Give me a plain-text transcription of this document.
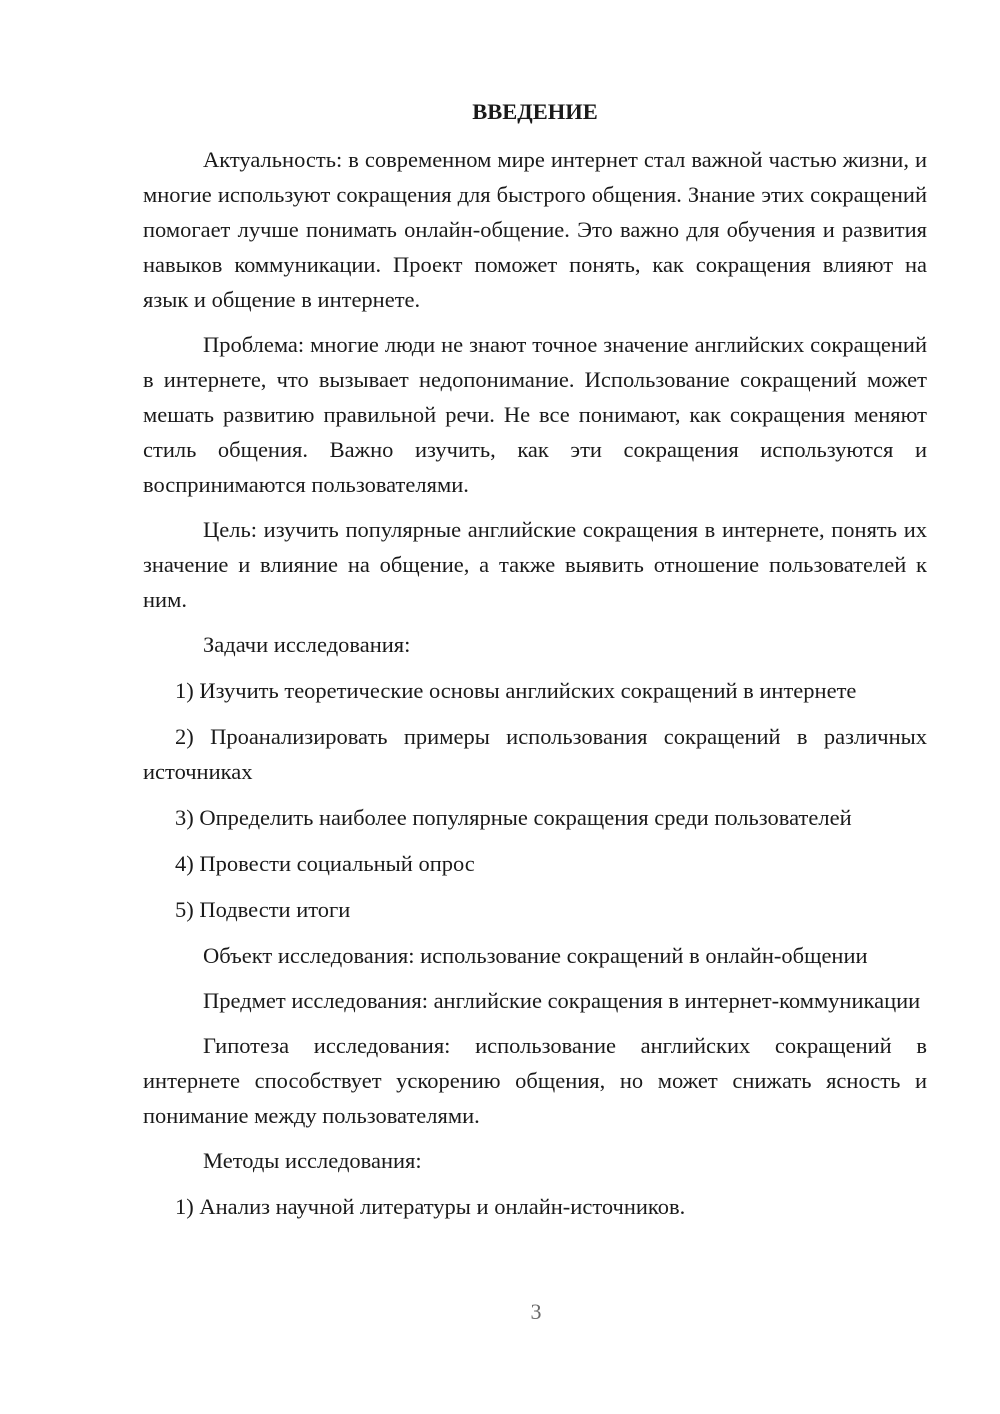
ВВЕДЕНИЕ

Актуальность: в современном мире интернет стал важной частью жизни, и многие используют сокращения для быстрого общения. Знание этих сокращений помогает лучше понимать онлайн-общение. Это важно для обучения и развития навыков коммуникации. Проект поможет понять, как сокращения влияют на язык и общение в интернете.

Проблема: многие люди не знают точное значение английских сокращений в интернете, что вызывает недопонимание. Использование сокращений может мешать развитию правильной речи. Не все понимают, как сокращения меняют стиль общения. Важно изучить, как эти сокращения используются и воспринимаются пользователями.

Цель: изучить популярные английские сокращения в интернете, понять их значение и влияние на общение, а также выявить отношение пользователей к ним.

Задачи исследования:

1) Изучить теоретические основы английских сокращений в интернете

2) Проанализировать примеры использования сокращений в различных источниках

3) Определить наиболее популярные сокращения среди пользователей

4) Провести социальный опрос

5) Подвести итоги

Объект исследования: использование сокращений в онлайн-общении

Предмет исследования: английские сокращения в интернет-коммуникации

Гипотеза исследования: использование английских сокращений в интернете способствует ускорению общения, но может снижать ясность и понимание между пользователями.

Методы исследования:

1) Анализ научной литературы и онлайн-источников.

3
